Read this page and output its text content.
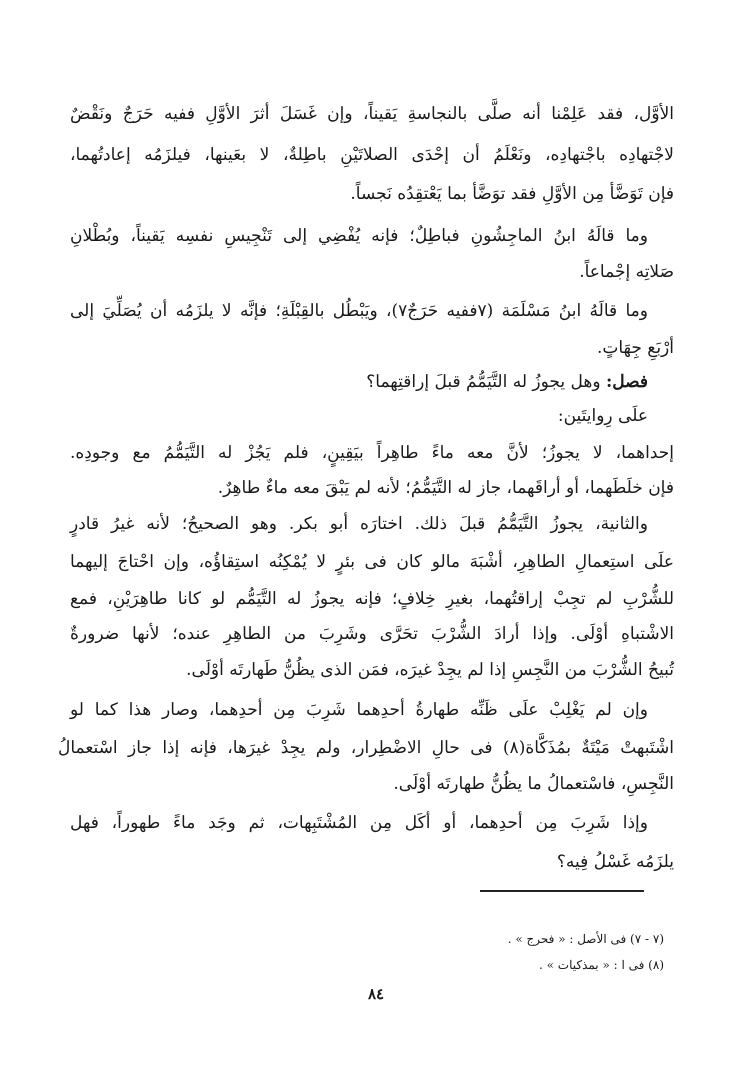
الأوَّل، فقد عَلِمْنا أنه صلَّى بالنجاسةِ يَقيناً، وإن غَسَلَ أثرَ الأوَّلِ ففيه حَرَجٌ ونَقْضٌ
لاجْتهادِه باجْتهادِه، ونَعْلَمُ أن إحْدَى الصلاتَيْنِ باطِلةٌ، لا بعَينها، فيلزَمُه إعادتُهما،
فإن تَوَضَّأ مِن الأوَّلِ فقد توَضَّأ بما يَعْتقِدُه نَجساً.
وما قالَهُ ابنُ الماجِشُونِ فباطِلٌ؛ فإنه يُفْضِي إلى تَنْجِيسِ نفسِه يَقيناً، وبُطْلانِ
صَلاتِه إجْماعاً.
وما قالَهُ ابنُ مَسْلَمَة (٧ففيه حَرَجٌ٧)، ويَبْطُل بالقِبْلَةِ؛ فإنَّه لا يلزَمُه أن يُصَلِّيَ إلى
أرْبَعِ جِهَاتٍ.
فصل: وهل يجوزُ له التَّيَمُّمُ قبلَ إراقتِهما؟
علَى رِوايتَين:
إحداهما، لا يجوزُ؛ لأنَّ معه ماءً طاهِراً بيَقِينٍ، فلم يَجُزْ له التَّيَمُّمُ مع وجودِه.
فإن خلَطَهما، أو أراقَهما، جاز له التَّيَمُّمُ؛ لأنه لم يَبْقَ معه ماءٌ طاهِرٌ.
والثانية، يجوزُ التَّيَمُّمُ قبلَ ذلك. اختارَه أبو بكر. وهو الصحيحُ؛ لأنه غيرُ قادرٍ
علَى استِعمالِ الطاهِرِ، أشْبَهَ مالو كان فى بئرٍ لا يُمْكِنُه استِقاؤُه، وإن احْتاجَ إليهما
للشُّرْبِ لم تجِبْ إراقتُهما، بغيرِ خِلافٍ؛ فإنه يجوزُ له التَّيَمُّم لو كانا طاهِرَيْنِ، فمع
الاشْتباهِ أوْلَى. وإذا أرادَ الشُّرْبَ تحَرَّى وشَرِبَ من الطاهِرِ عنده؛ لأنها ضرورةٌ
تُبيحُ الشُّرْبَ من النَّجِسِ إذا لم يجِدْ غيرَه، فمَن الذى يظُنُّ طَهارتَه أوْلَى.
وإن لم يَغْلِبْ علَى ظَنِّه طهارةُ أحدِهما شَرِبَ مِن أحدِهما، وصار هذا كما لو
اشْتَبهتْ مَيْتَةٌ بمُذَكَّاة(٨) فى حالِ الاضْطِرار، ولم يجِدْ غيرَها، فإنه إذا جاز اسْتعمالُ
النَّجِسِ، فاسْتعمالُ ما يظُنُّ طهارتَه أوْلَى.
وإذا شَرِبَ مِن أحدِهما، أو أكَل مِن المُشْتَبِهات، ثم وجَد ماءً طهوراً، فهل
يلزَمُه غَسْلُ فِيه؟
(٧ - ٧) فى الأصل : « فحرج » .
(٨) فى ا : « بمذكيات » .
٨٤
